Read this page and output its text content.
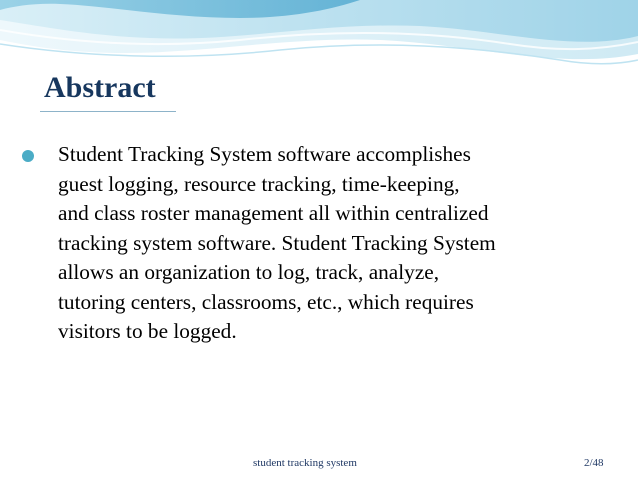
Abstract
Student Tracking System software accomplishes
guest logging, resource tracking, time-keeping,
and class roster management all within centralized
tracking system software. Student Tracking System
allows an organization to log, track, analyze,
tutoring centers, classrooms, etc., which requires
visitors to be logged.
student tracking system	2/48
